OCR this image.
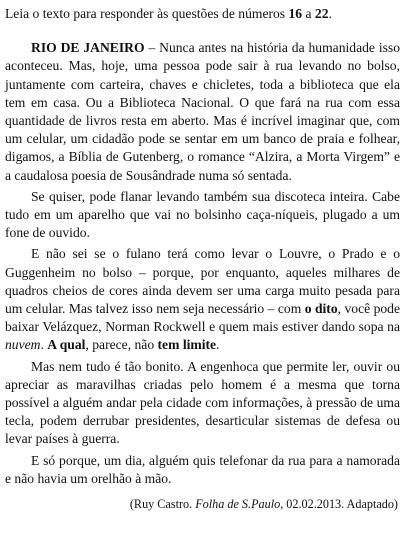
Leia o texto para responder às questões de números 16 a 22.

RIO DE JANEIRO – Nunca antes na história da humanidade isso aconteceu. Mas, hoje, uma pessoa pode sair à rua levando no bolso, juntamente com carteira, chaves e chicletes, toda a biblioteca que ela tem em casa. Ou a Biblioteca Nacional. O que fará na rua com essa quantidade de livros resta em aberto. Mas é incrível imaginar que, com um celular, um cidadão pode se sentar em um banco de praia e folhear, digamos, a Bíblia de Gutenberg, o romance “Alzira, a Morta Virgem” e a caudalosa poesia de Sousândrade numa só sentada.

Se quiser, pode flanar levando também sua discoteca inteira. Cabe tudo em um aparelho que vai no bolsinho caça-níqueis, plugado a um fone de ouvido.

E não sei se o fulano terá como levar o Louvre, o Prado e o Guggenheim no bolso – porque, por enquanto, aqueles milhares de quadros cheios de cores ainda devem ser uma carga muito pesada para um celular. Mas talvez isso nem seja necessário – com o dito, você pode baixar Velázquez, Norman Rockwell e quem mais estiver dando sopa na nuvem. A qual, parece, não tem limite.

Mas nem tudo é tão bonito. A engenhoca que permite ler, ouvir ou apreciar as maravilhas criadas pelo homem é a mesma que torna possível a alguém andar pela cidade com informações, à pressão de uma tecla, podem derrubar presidentes, desarticular sistemas de defesa ou levar países à guerra.

E só porque, um dia, alguém quis telefonar da rua para a namorada e não havia um orelhão à mão.

(Ruy Castro. Folha de S.Paulo, 02.02.2013. Adaptado)
